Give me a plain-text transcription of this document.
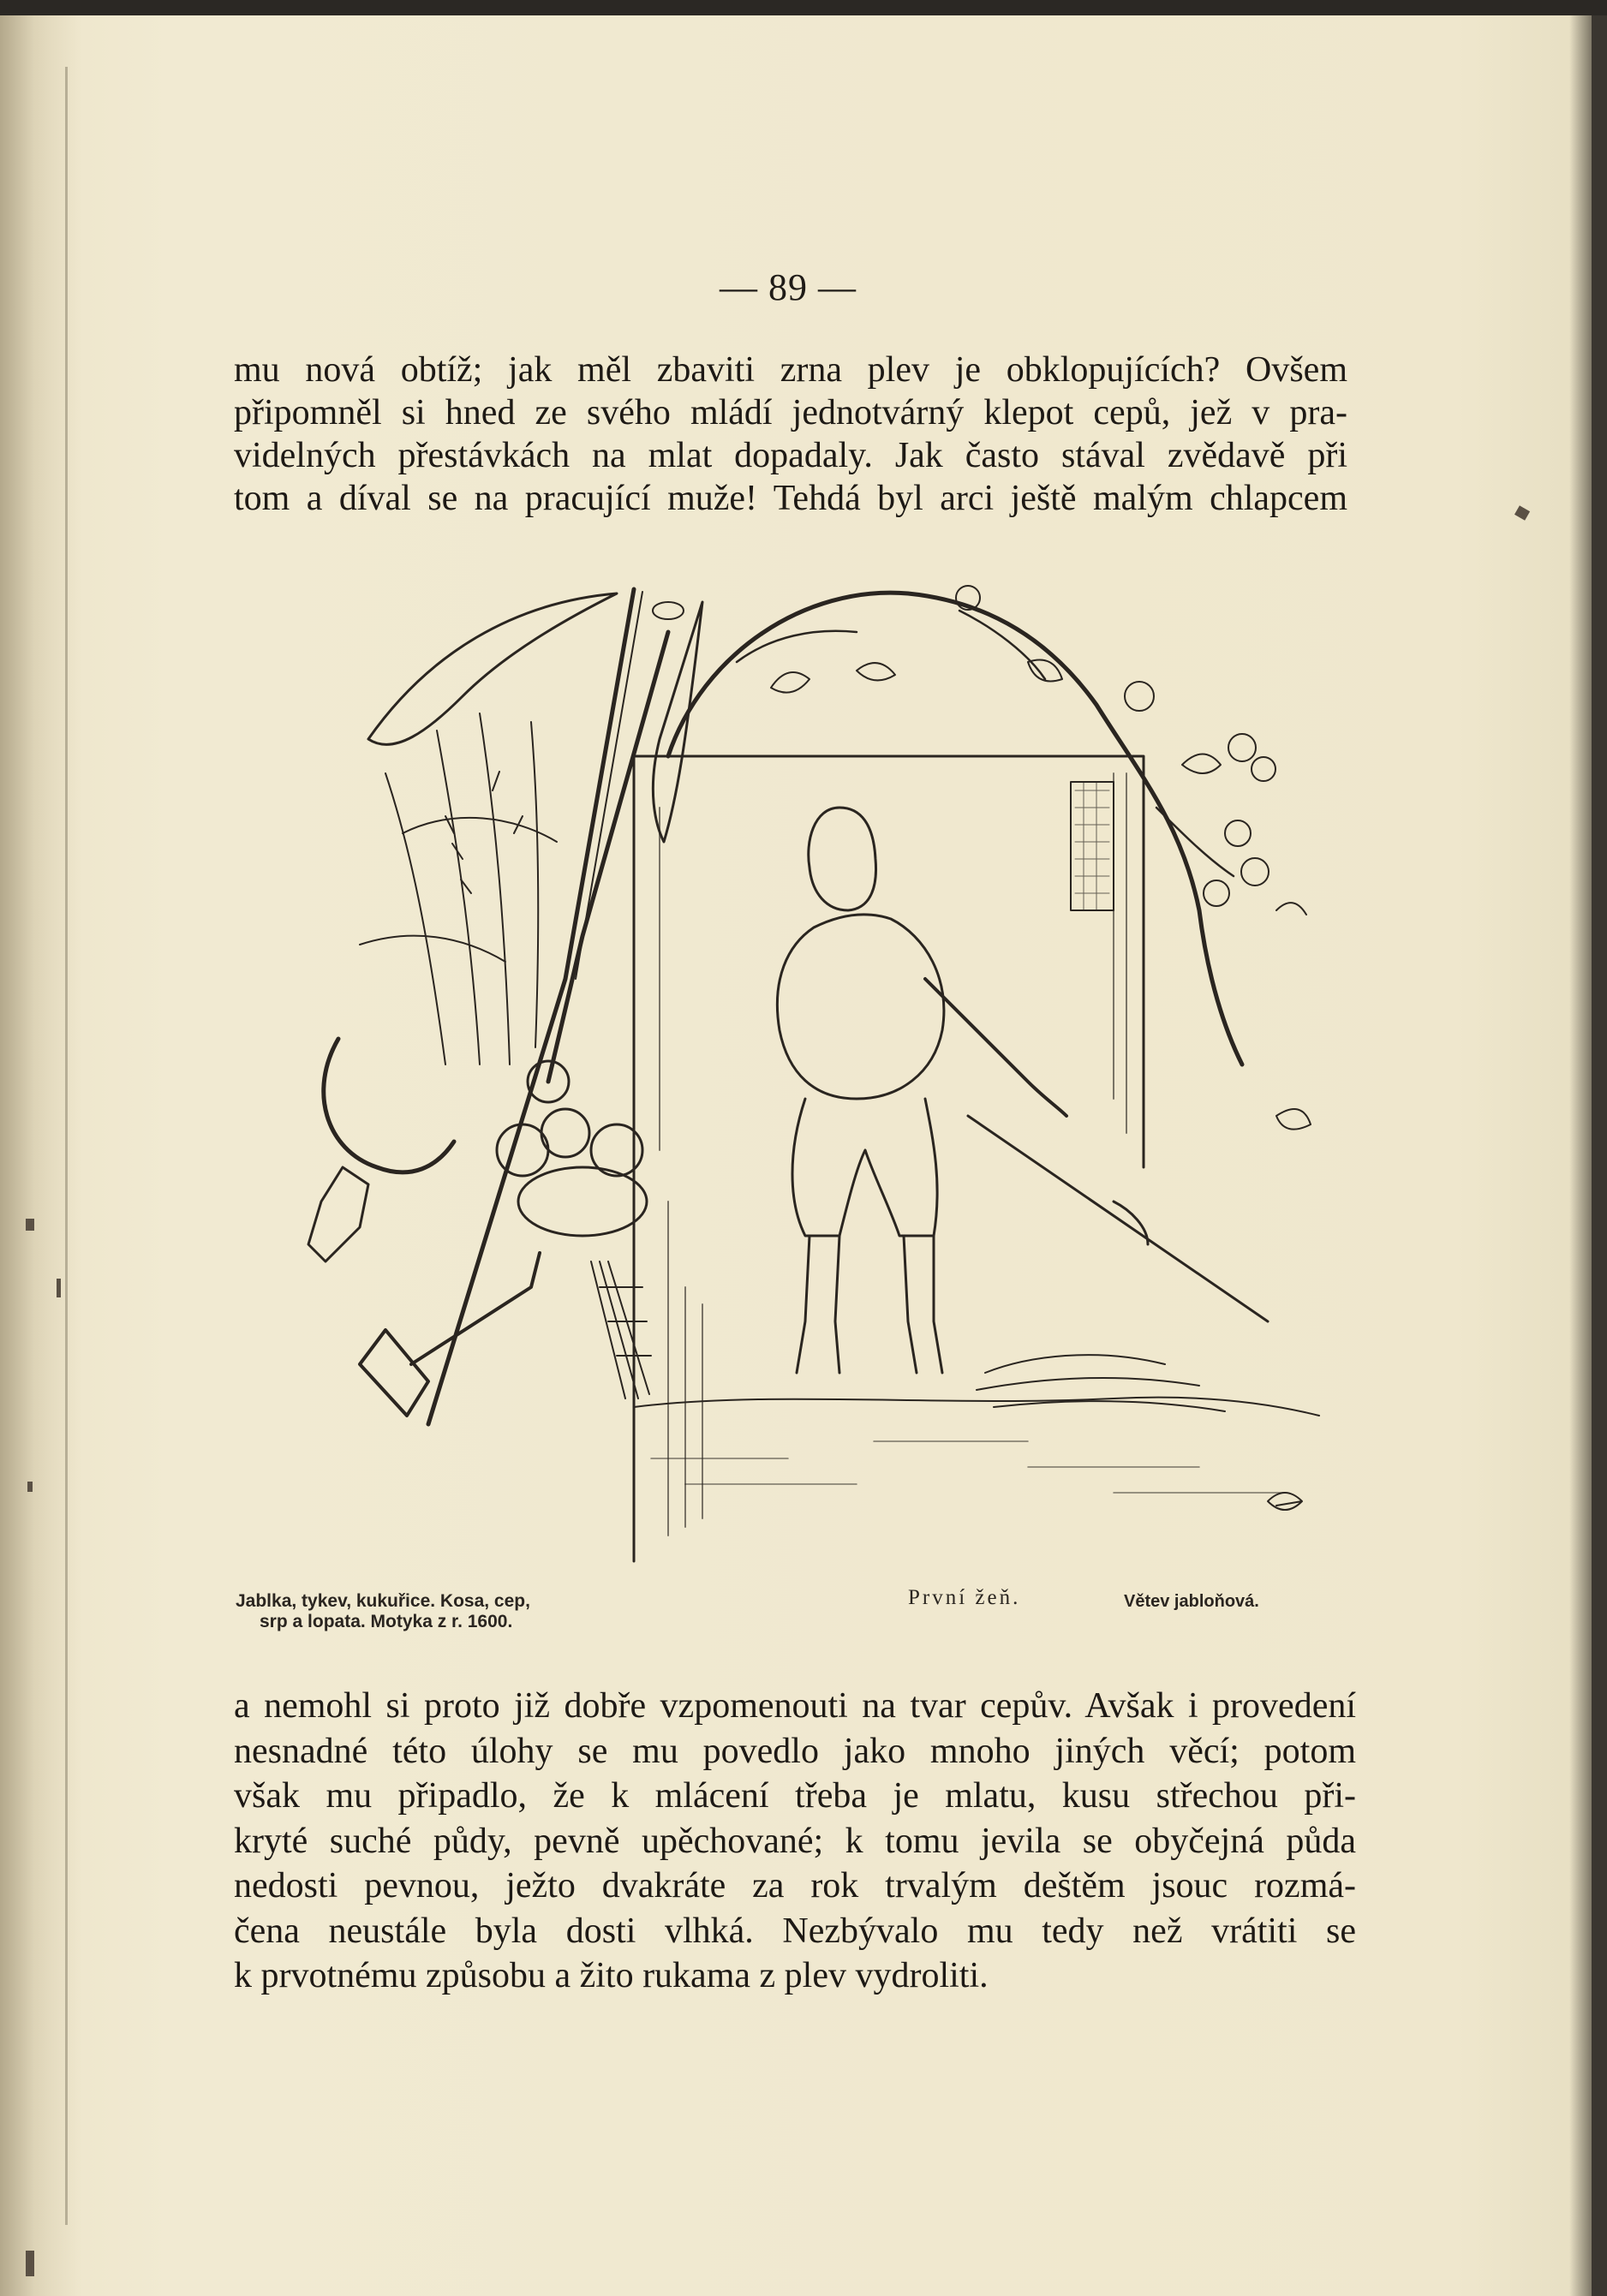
— 89 —
mu nová obtíž; jak měl zbaviti zrna plev je obklopujících? Ovšem
připomněl si hned ze svého mládí jednotvárný klepot cepů, jež v pra-
videlných přestávkách na mlat dopadaly. Jak často stával zvědavě při
tom a díval se na pracující muže! Tehdá byl arci ještě malým chlapcem
Jablka, tykev, kukuřice. Kosa, cep,
srp a lopata. Motyka z r. 1600.
První žeň.	Větev jabloňová.
a nemohl si proto již dobře vzpomenouti na tvar cepův. Avšak i provedení
nesnadné této úlohy se mu povedlo jako mnoho jiných věcí; potom
však mu připadlo, že k mlácení třeba je mlatu, kusu střechou při-
kryté suché půdy, pevně upěchované; k tomu jevila se obyčejná půda
nedosti pevnou, ježto dvakráte za rok trvalým deštěm jsouc rozmá-
čena neustále byla dosti vlhká. Nezbývalo mu tedy než vrátiti se
k prvotnému způsobu a žito rukama z plev vydroliti.
